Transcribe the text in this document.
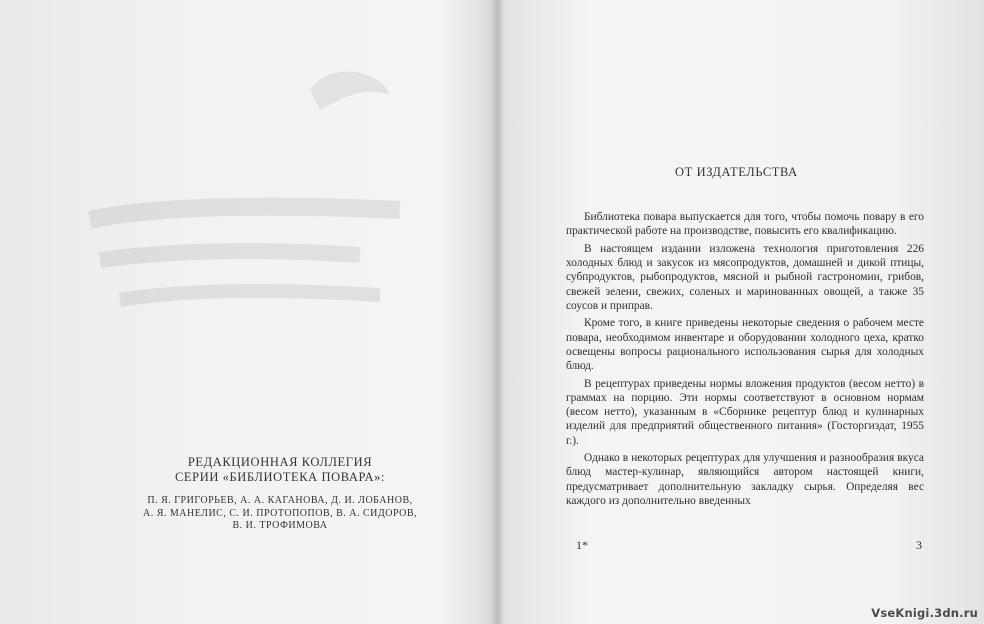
РЕДАКЦИОННАЯ КОЛЛЕГИЯ
СЕРИИ «БИБЛИОТЕКА ПОВАРА»:
П. Я. ГРИГОРЬЕВ, А. А. КАГАНОВА, Д. И. ЛОБАНОВ,
А. Я. МАНЕЛИС, С. И. ПРОТОПОПОВ, В. А. СИДОРОВ,
В. И. ТРОФИМОВА
ОТ ИЗДАТЕЛЬСТВА

Библиотека повара выпускается для того, чтобы помочь повару в его практической работе на производстве, повысить его квалификацию.

В настоящем издании изложена технология приготовления 226 холодных блюд и закусок из мясопродуктов, домашней и дикой птицы, субпродуктов, рыбопродуктов, мясной и рыбной гастрономии, грибов, свежей зелени, свежих, соленых и маринованных овощей, а также 35 соусов и приправ.

Кроме того, в книге приведены некоторые сведения о рабочем месте повара, необходимом инвентаре и оборудовании холодного цеха, кратко освещены вопросы рационального использования сырья для холодных блюд.

В рецептурах приведены нормы вложения продуктов (весом нетто) в граммах на порцию. Эти нормы соответствуют в основном нормам (весом нетто), указанным в «Сборнике рецептур блюд и кулинарных изделий для предприятий общественного питания» (Госторгиздат, 1955 г.).

Однако в некоторых рецептурах для улучшения и разнообразия вкуса блюд мастер-кулинар, являющийся автором настоящей книги, предусматривает дополнительную закладку сырья. Определяя вес каждого из дополнительно введенных

1*	3
VseKnigi.3dn.ru
